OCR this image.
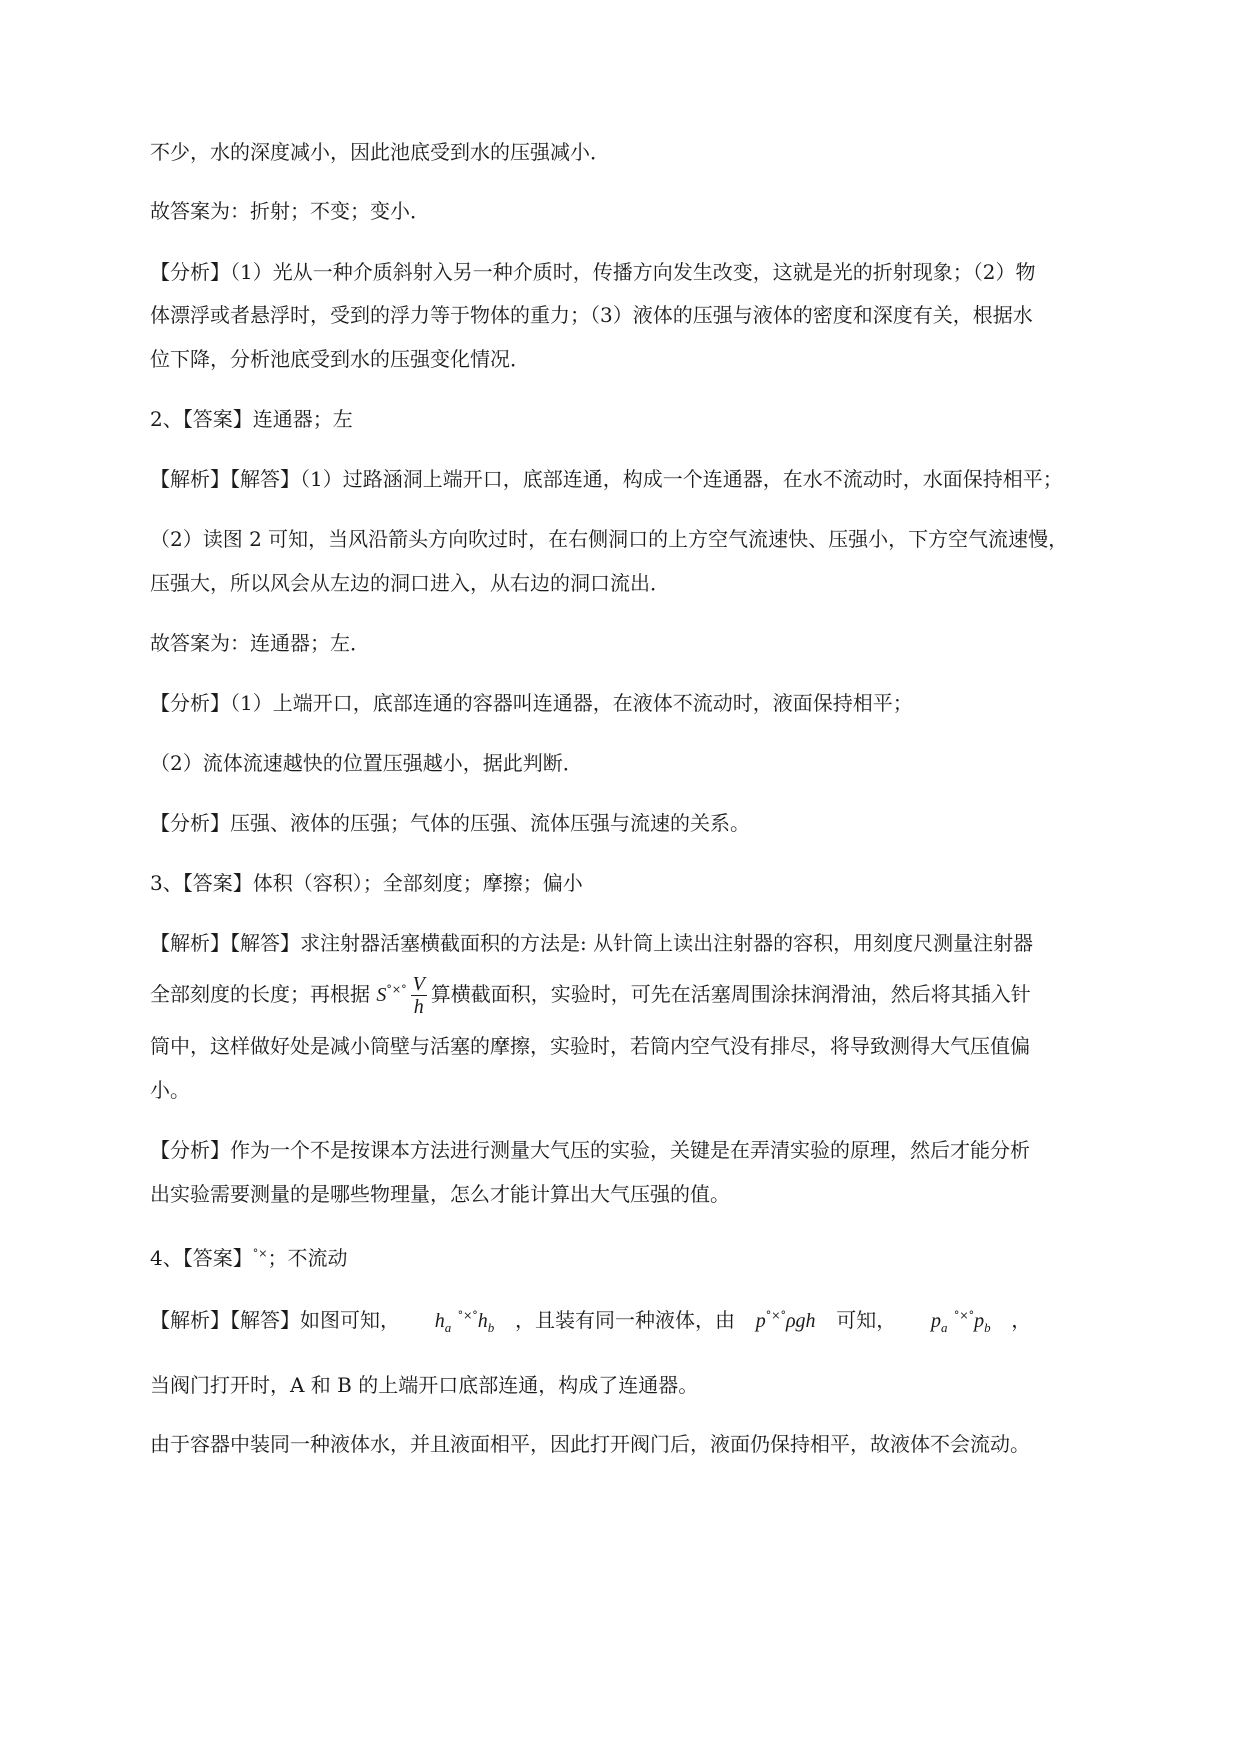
不少，水的深度减小，因此池底受到水的压强减小．
故答案为：折射；不变；变小．
【分析】（1）光从一种介质斜射入另一种介质时，传播方向发生改变，这就是光的折射现象；（2）物
体漂浮或者悬浮时，受到的浮力等于物体的重力；（3）液体的压强与液体的密度和深度有关，根据水
位下降，分析池底受到水的压强变化情况．
2、【答案】连通器；左
【解析】【解答】（1）过路涵洞上端开口，底部连通，构成一个连通器，在水不流动时，水面保持相平；
（2）读图 2 可知，当风沿箭头方向吹过时，在右侧洞口的上方空气流速快、压强小，下方空气流速慢，
压强大，所以风会从左边的洞口进入，从右边的洞口流出．
故答案为：连通器；左．
【分析】（1）上端开口，底部连通的容器叫连通器，在液体不流动时，液面保持相平；
（2）流体流速越快的位置压强越小，据此判断．
【分析】压强、液体的压强；气体的压强、流体压强与流速的关系。
3、【答案】体积（容积）；全部刻度；摩擦；偏小
【解析】【解答】求注射器活塞横截面积的方法是: 从针筒上读出注射器的容积，用刻度尺测量注射器
全部刻度的长度；再根据 $S^{^\circ\times^\circ} \frac{V}{h}$ 算横截面积，实验时，可先在活塞周围涂抹润滑油，然后将其插入针
筒中，这样做好处是减小筒壁与活塞的摩擦，实验时，若筒内空气没有排尽，将导致测得大气压值偏
小。
【分析】作为一个不是按课本方法进行测量大气压的实验，关键是在弄清实验的原理，然后才能分析
出实验需要测量的是哪些物理量，怎么才能计算出大气压强的值。
4、【答案】°×；不流动
【解析】【解答】如图可知， $h_a$ $^{^\circ\times^\circ}h_b$ ，且装有同一种液体，由 p°×°ρgh 可知， $p_a$ $^{^\circ\times^\circ}p_b$ ，
当阀门打开时，A 和 B 的上端开口底部连通，构成了连通器。
由于容器中装同一种液体水，并且液面相平，因此打开阀门后，液面仍保持相平，故液体不会流动。
